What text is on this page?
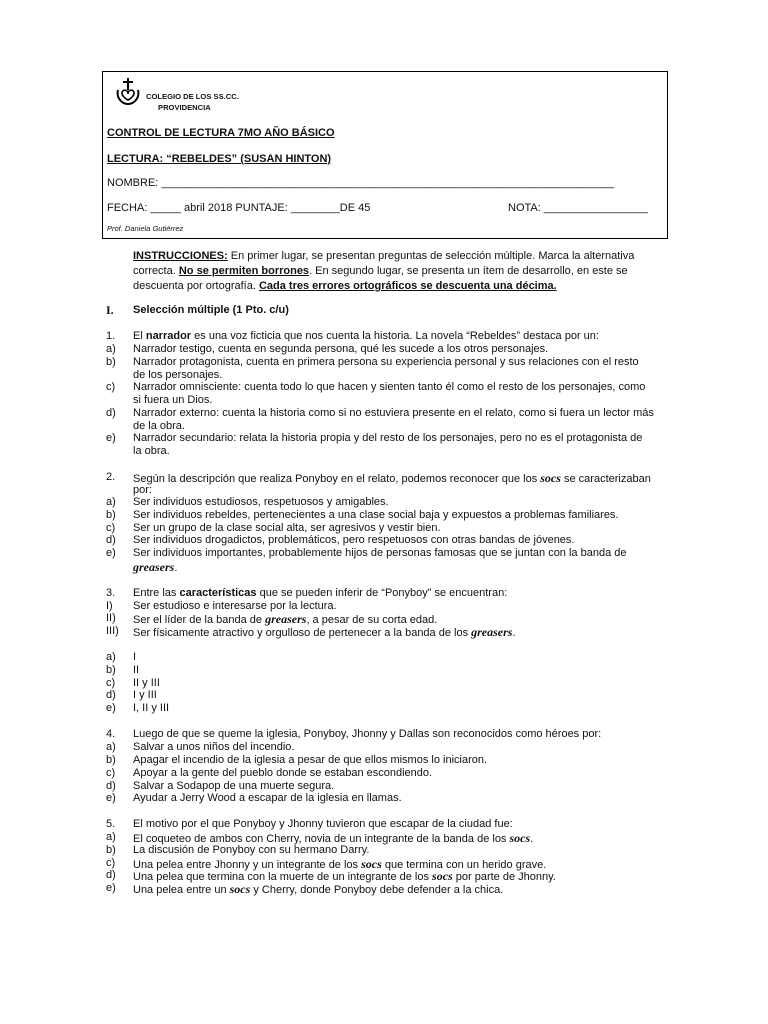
COLEGIO DE LOS SS.CC.
PROVIDENCIA
CONTROL DE LECTURA 7MO AÑO BÁSICO
LECTURA: “REBELDES” (SUSAN HINTON)
NOMBRE: __________________________________________________________________________
FECHA: _____ abril 2018 PUNTAJE: ________DE 45	NOTA: _________________
Prof. Daniela Gutiérrez
INSTRUCCIONES: En primer lugar, se presentan preguntas de selección múltiple. Marca la alternativa
correcta. No se permiten borrones. En segundo lugar, se presenta un ítem de desarrollo, en este se
descuenta por ortografía. Cada tres errores ortográficos se descuenta una décima.
I. Selección múltiple (1 Pto. c/u)
1. El narrador es una voz ficticia que nos cuenta la historia. La novela “Rebeldes” destaca por un:
a) Narrador testigo, cuenta en segunda persona, qué les sucede a los otros personajes.
b) Narrador protagonista, cuenta en primera persona su experiencia personal y sus relaciones con el resto
de los personajes.
c) Narrador omnisciente: cuenta todo lo que hacen y sienten tanto él como el resto de los personajes, como
si fuera un Dios.
d) Narrador externo: cuenta la historia como si no estuviera presente en el relato, como si fuera un lector más
de la obra.
e) Narrador secundario: relata la historia propia y del resto de los personajes, pero no es el protagonista de
la obra.
2. Según la descripción que realiza Ponyboy en el relato, podemos reconocer que los socs se caracterizaban
por:
a) Ser individuos estudiosos, respetuosos y amigables.
b) Ser individuos rebeldes, pertenecientes a una clase social baja y expuestos a problemas familiares.
c) Ser un grupo de la clase social alta, ser agresivos y vestir bien.
d) Ser individuos drogadictos, problemáticos, pero respetuosos con otras bandas de jóvenes.
e) Ser individuos importantes, probablemente hijos de personas famosas que se juntan con la banda de
greasers.
3. Entre las características que se pueden inferir de “Ponyboy” se encuentran:
I) Ser estudioso e interesarse por la lectura.
II) Ser el líder de la banda de greasers, a pesar de su corta edad.
III) Ser físicamente atractivo y orgulloso de pertenecer a la banda de los greasers.
a) I
b) II
c) II y III
d) I y III
e) I, II y III
4. Luego de que se queme la iglesia, Ponyboy, Jhonny y Dallas son reconocidos como héroes por:
a) Salvar a unos niños del incendio.
b) Apagar el incendio de la iglesia a pesar de que ellos mismos lo iniciaron.
c) Apoyar a la gente del pueblo donde se estaban escondiendo.
d) Salvar a Sodapop de una muerte segura.
e) Ayudar a Jerry Wood a escapar de la iglesia en llamas.
5. El motivo por el que Ponyboy y Jhonny tuvieron que escapar de la ciudad fue:
a) El coqueteo de ambos con Cherry, novia de un integrante de la banda de los socs.
b) La discusión de Ponyboy con su hermano Darry.
c) Una pelea entre Jhonny y un integrante de los socs que termina con un herido grave.
d) Una pelea que termina con la muerte de un integrante de los socs por parte de Jhonny.
e) Una pelea entre un socs y Cherry, donde Ponyboy debe defender a la chica.
